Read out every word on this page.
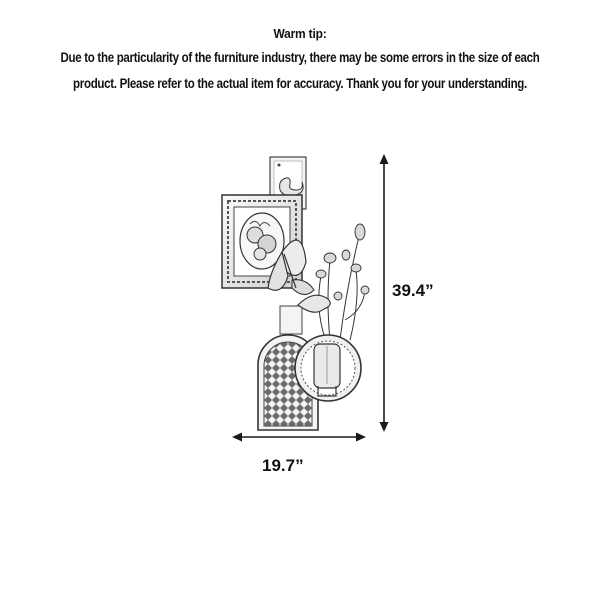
Warm tip:
Due to the particularity of the furniture industry, there may be some errors in the size of each
product. Please refer to the actual item for accuracy. Thank you for your understanding.
39.4”
19.7”
